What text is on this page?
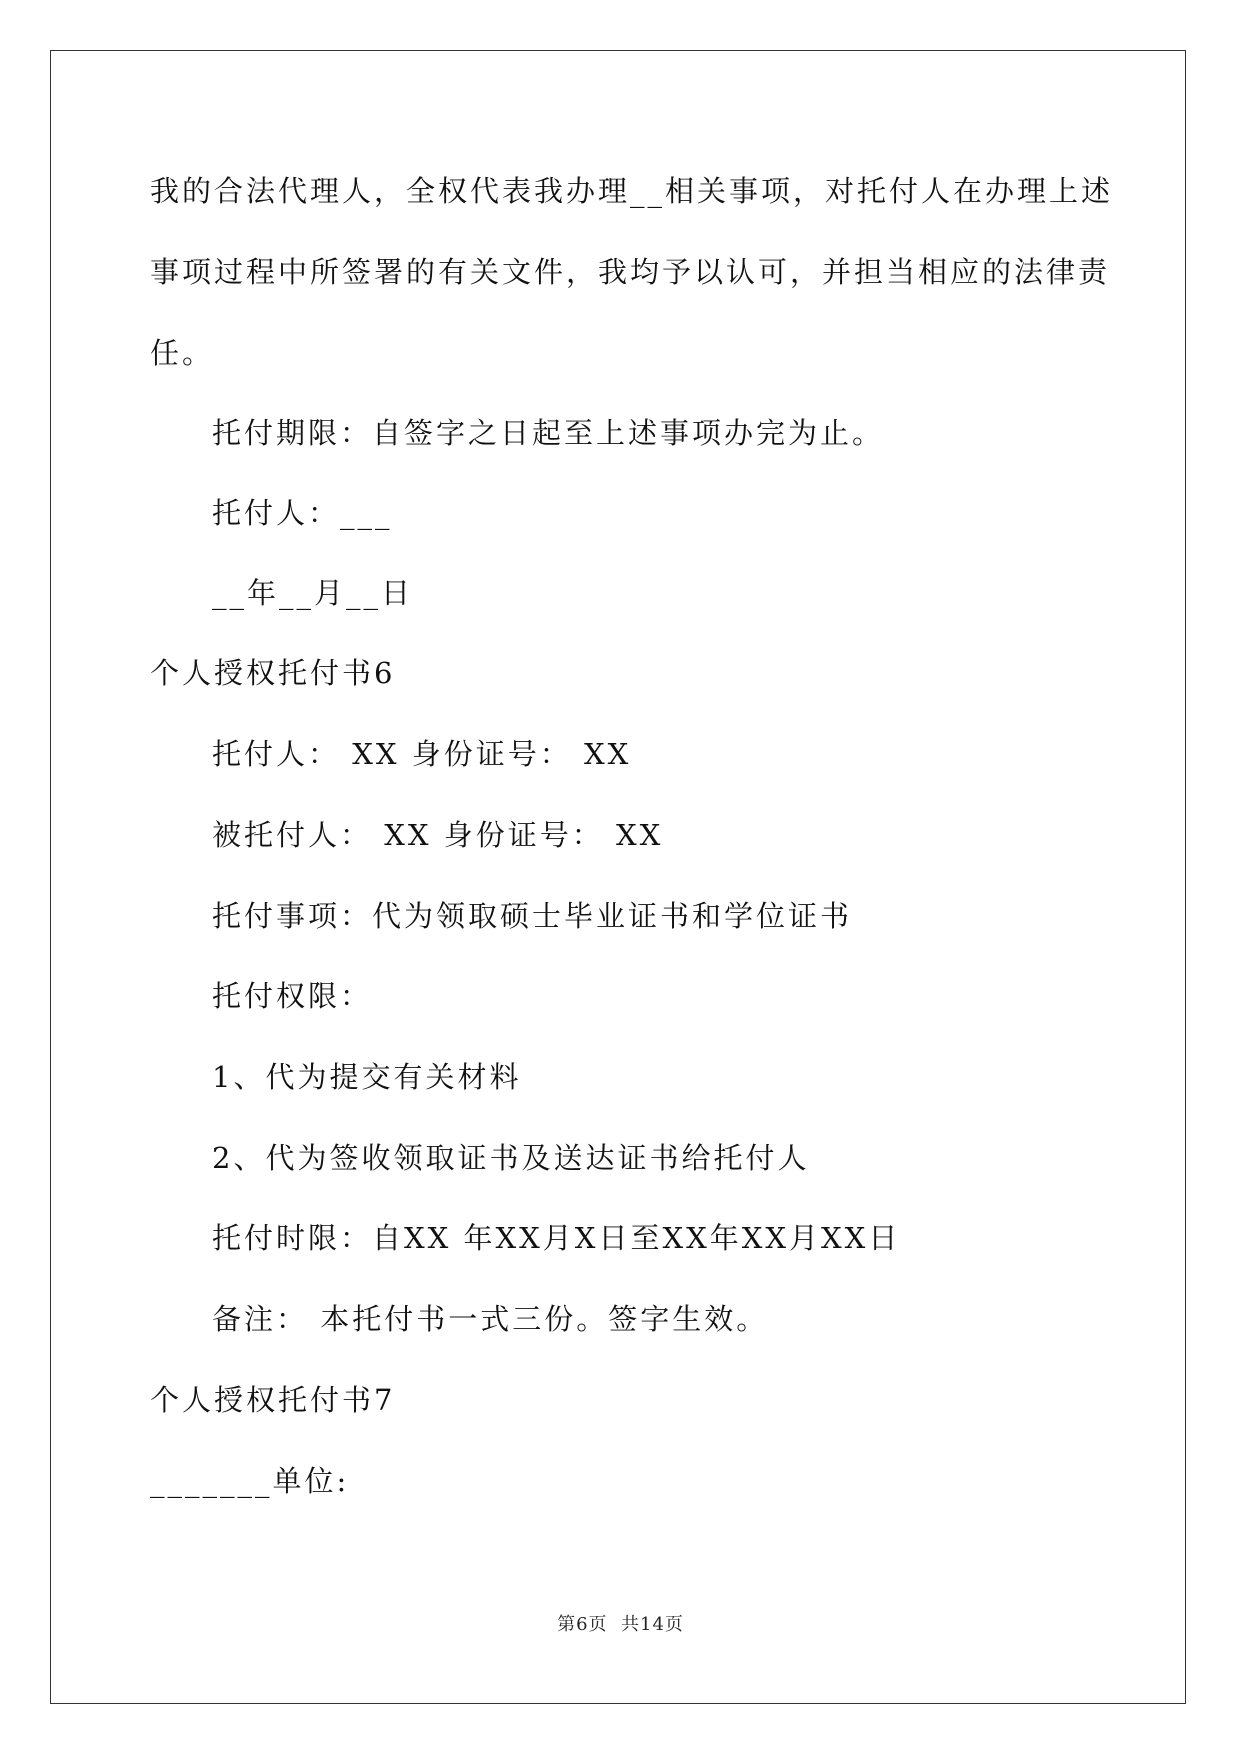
我的合法代理人，全权代表我办理__相关事项，对托付人在办理上述
事项过程中所签署的有关文件，我均予以认可，并担当相应的法律责
任。
托付期限：自签字之日起至上述事项办完为止。
托付人：___
__年__月__日
个人授权托付书6
托付人： XX 身份证号： XX
被托付人： XX 身份证号： XX
托付事项：代为领取硕士毕业证书和学位证书
托付权限：
1、代为提交有关材料
2、代为签收领取证书及送达证书给托付人
托付时限：自XX 年XX月X日至XX年XX月XX日
备注： 本托付书一式三份。签字生效。
个人授权托付书7
_______单位:
第6页  共14页
